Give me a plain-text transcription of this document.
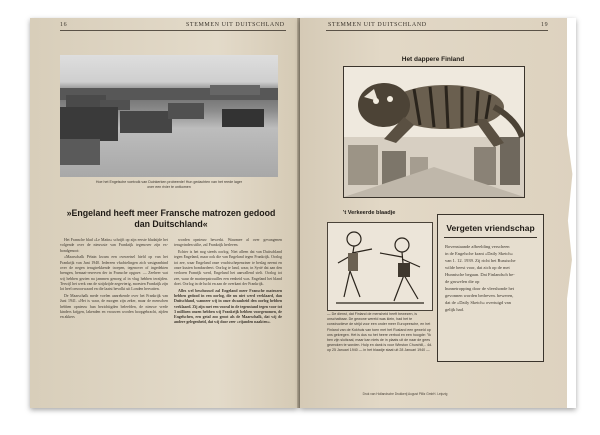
16	STEMMEN UIT DUITSCHLAND
Hoe het Engelsche voetvolk van Duinkerken probeerde! Hun gedachten van het reede lager
over een rivier te ontkomen
»Engeland heeft meer Fransche matrozen gedood
dan Duitschland«

Het Fransche blad »Le Matin« schrijft op zijn eerste bladzijde het volgende over de nieuwste van Frankrijk tegenover zijn ex-bondgenoot:

»Maarschalk Pétain kwam een overzetsel hield op van het Frankrijk van Juni 1940. Iedereen vluchtelingen zich vastgeanbind over de negen terugtrekkende troepen, tegenover of ingedekten brengen, bemaat-reserven der in Fransche opgave. — Zeeheer wat wij hebben gezien na jammen genoeg al in vlug hebben terzijden. Terwijl het werk van de strijdzijde zegevierig, moesten Frankrijk zijn lot heel onvoorwaard en die laatst bevolkt uit Londen hervatten.

De Maarschalk mede voelen aanrekende over het Frankrijk van Juni 1941. »Het is waar, de morgen zijn zeker, maar de menschen hebben opnieuw hun bezichtigden beleefden, de nieuwe vrede kinders krijgen, lakenden en vrouwen worden hoopgebracht, zijden en akkers

worden opnieuw bewerkt. Waarmee al over gevangenen terugvinden stilte, zal Frankrijk herleven.

Echter is het nog steeds oorlog. Niet alleen dat van Duitschland tegen Engeland, maar ook die van Engeland tegen Frankrijk. Oorlog tot zee, waar Engeland onze vrachtschepenziner te beslag neemt en onze kusten bombardeert. Oorlog te land, waar, in Syrië dat aan den verloren Franrijk werd, Engeland het aanvallend stelt. Oorlog tot zee, waar de marinepatrouilles een eenheid was. Engeland het bland doet. Oorlog in de lucht en aan de overkant der Frankrijk.

Alles wel beschouwd zal Engeland meer Fransche matrozen hebben gedood in een oorlog, die nu niet werd verklaard, dan Duitschland, wanneer wij in onze dwaasheid den oorlog hebben verklaard. Zij zijn met een vooral in de tegenstand tegen voor tot 3 millioen onzen hebben wij Frankrijk hebben voorgenomen, de Engelschen, een getal zoo groot als de Maarschalk, dat wij de andere gelegenheid, dat wij door zeer »vijanden naakten«.

STEMMEN UIT DUITSCHLAND	19
Het dappere Finland
't Verkeerde blaadje
— De dienst, dat Finland de mensheid heeft bewezen, is onschatbaar. De gewone wereld was klein, had het te constructieve de strijd voor een onder meer Europeesche, en het Finland van de Kokhuis van toen met het Rusland een geweld op ons gekregen. Het is dus nu het heere verbod en een hoogde: "Ik ben zijn sluitzaal, maar kan niets de in plaats uit de naar de gees gewroken te worden. Hulp en dank is voor Winston Churchill,.. 4d. op 25 Januari 1940 — in het blaadje staat uit 28 Januari 1940 —
Vergeten vriendschap
Bovenstaande afbeelding verscheen
in de Engelsche krant »Daily Sketch«
van 1. 12. 1939. Zij richt het Russische
wilde beest voor, dat zich op de met
Hunnische begaan. Dat Finlandsch be-
de gruwelen die op
hunnetropping door de vleeshonde het
gevonnen worden bedreven. beweren,
dat de »Daily Sketch« overtuigd van
gelijk had.
Druk van Hollandsche Drukkerij August Pilliz GmbH. Leipzig
